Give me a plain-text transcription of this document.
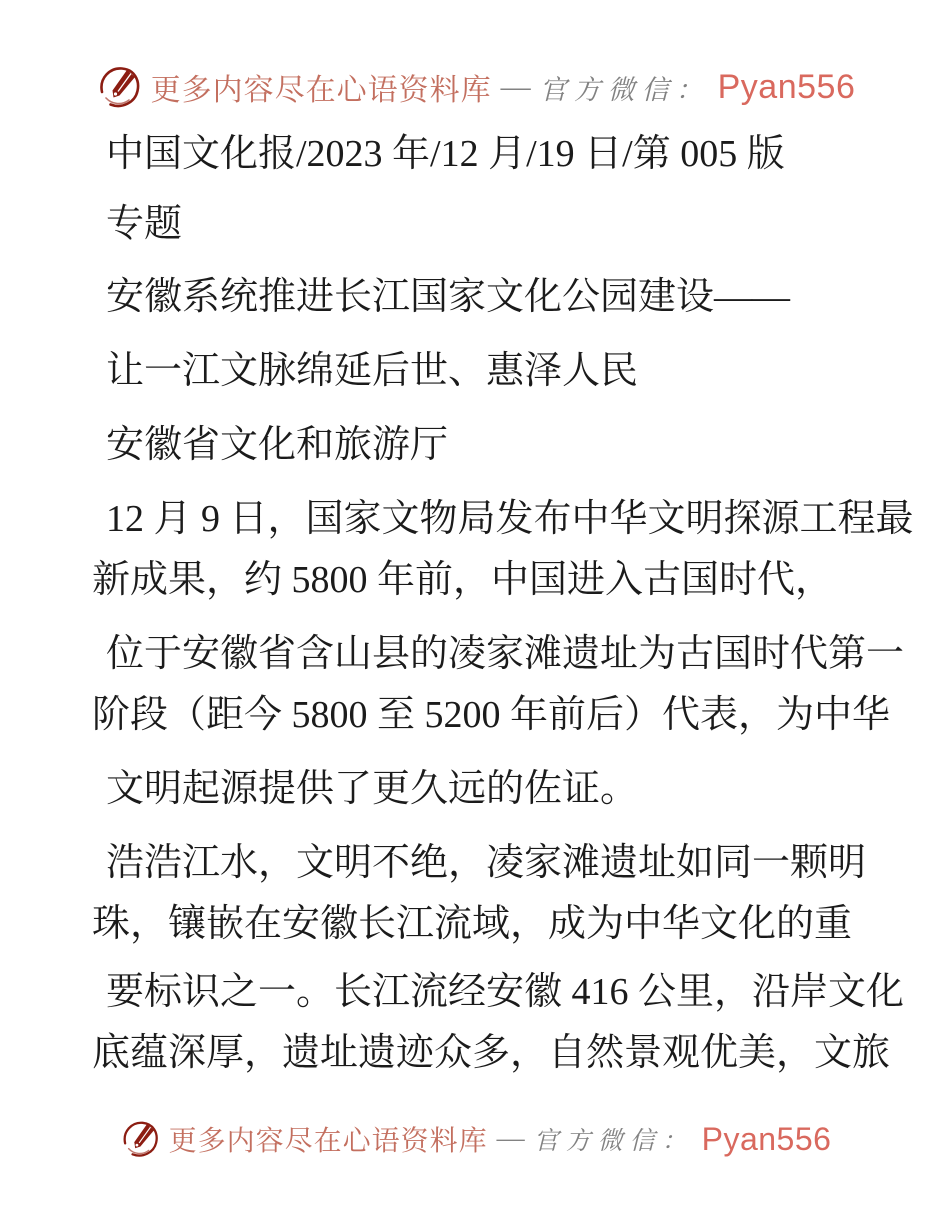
更多内容尽在心语资料库 — 官方微信： Pyan556
中国文化报/2023 年/12 月/19 日/第 005 版
专题
安徽系统推进长江国家文化公园建设——
让一江文脉绵延后世、惠泽人民
安徽省文化和旅游厅
12 月 9 日，国家文物局发布中华文明探源工程最
新成果，约 5800 年前，中国进入古国时代，
位于安徽省含山县的凌家滩遗址为古国时代第一
阶段（距今 5800 至 5200 年前后）代表，为中华
文明起源提供了更久远的佐证。
浩浩江水，文明不绝，凌家滩遗址如同一颗明
珠，镶嵌在安徽长江流域，成为中华文化的重
要标识之一。长江流经安徽 416 公里，沿岸文化
底蕴深厚，遗址遗迹众多，自然景观优美，文旅
更多内容尽在心语资料库 — 官方微信： Pyan556
